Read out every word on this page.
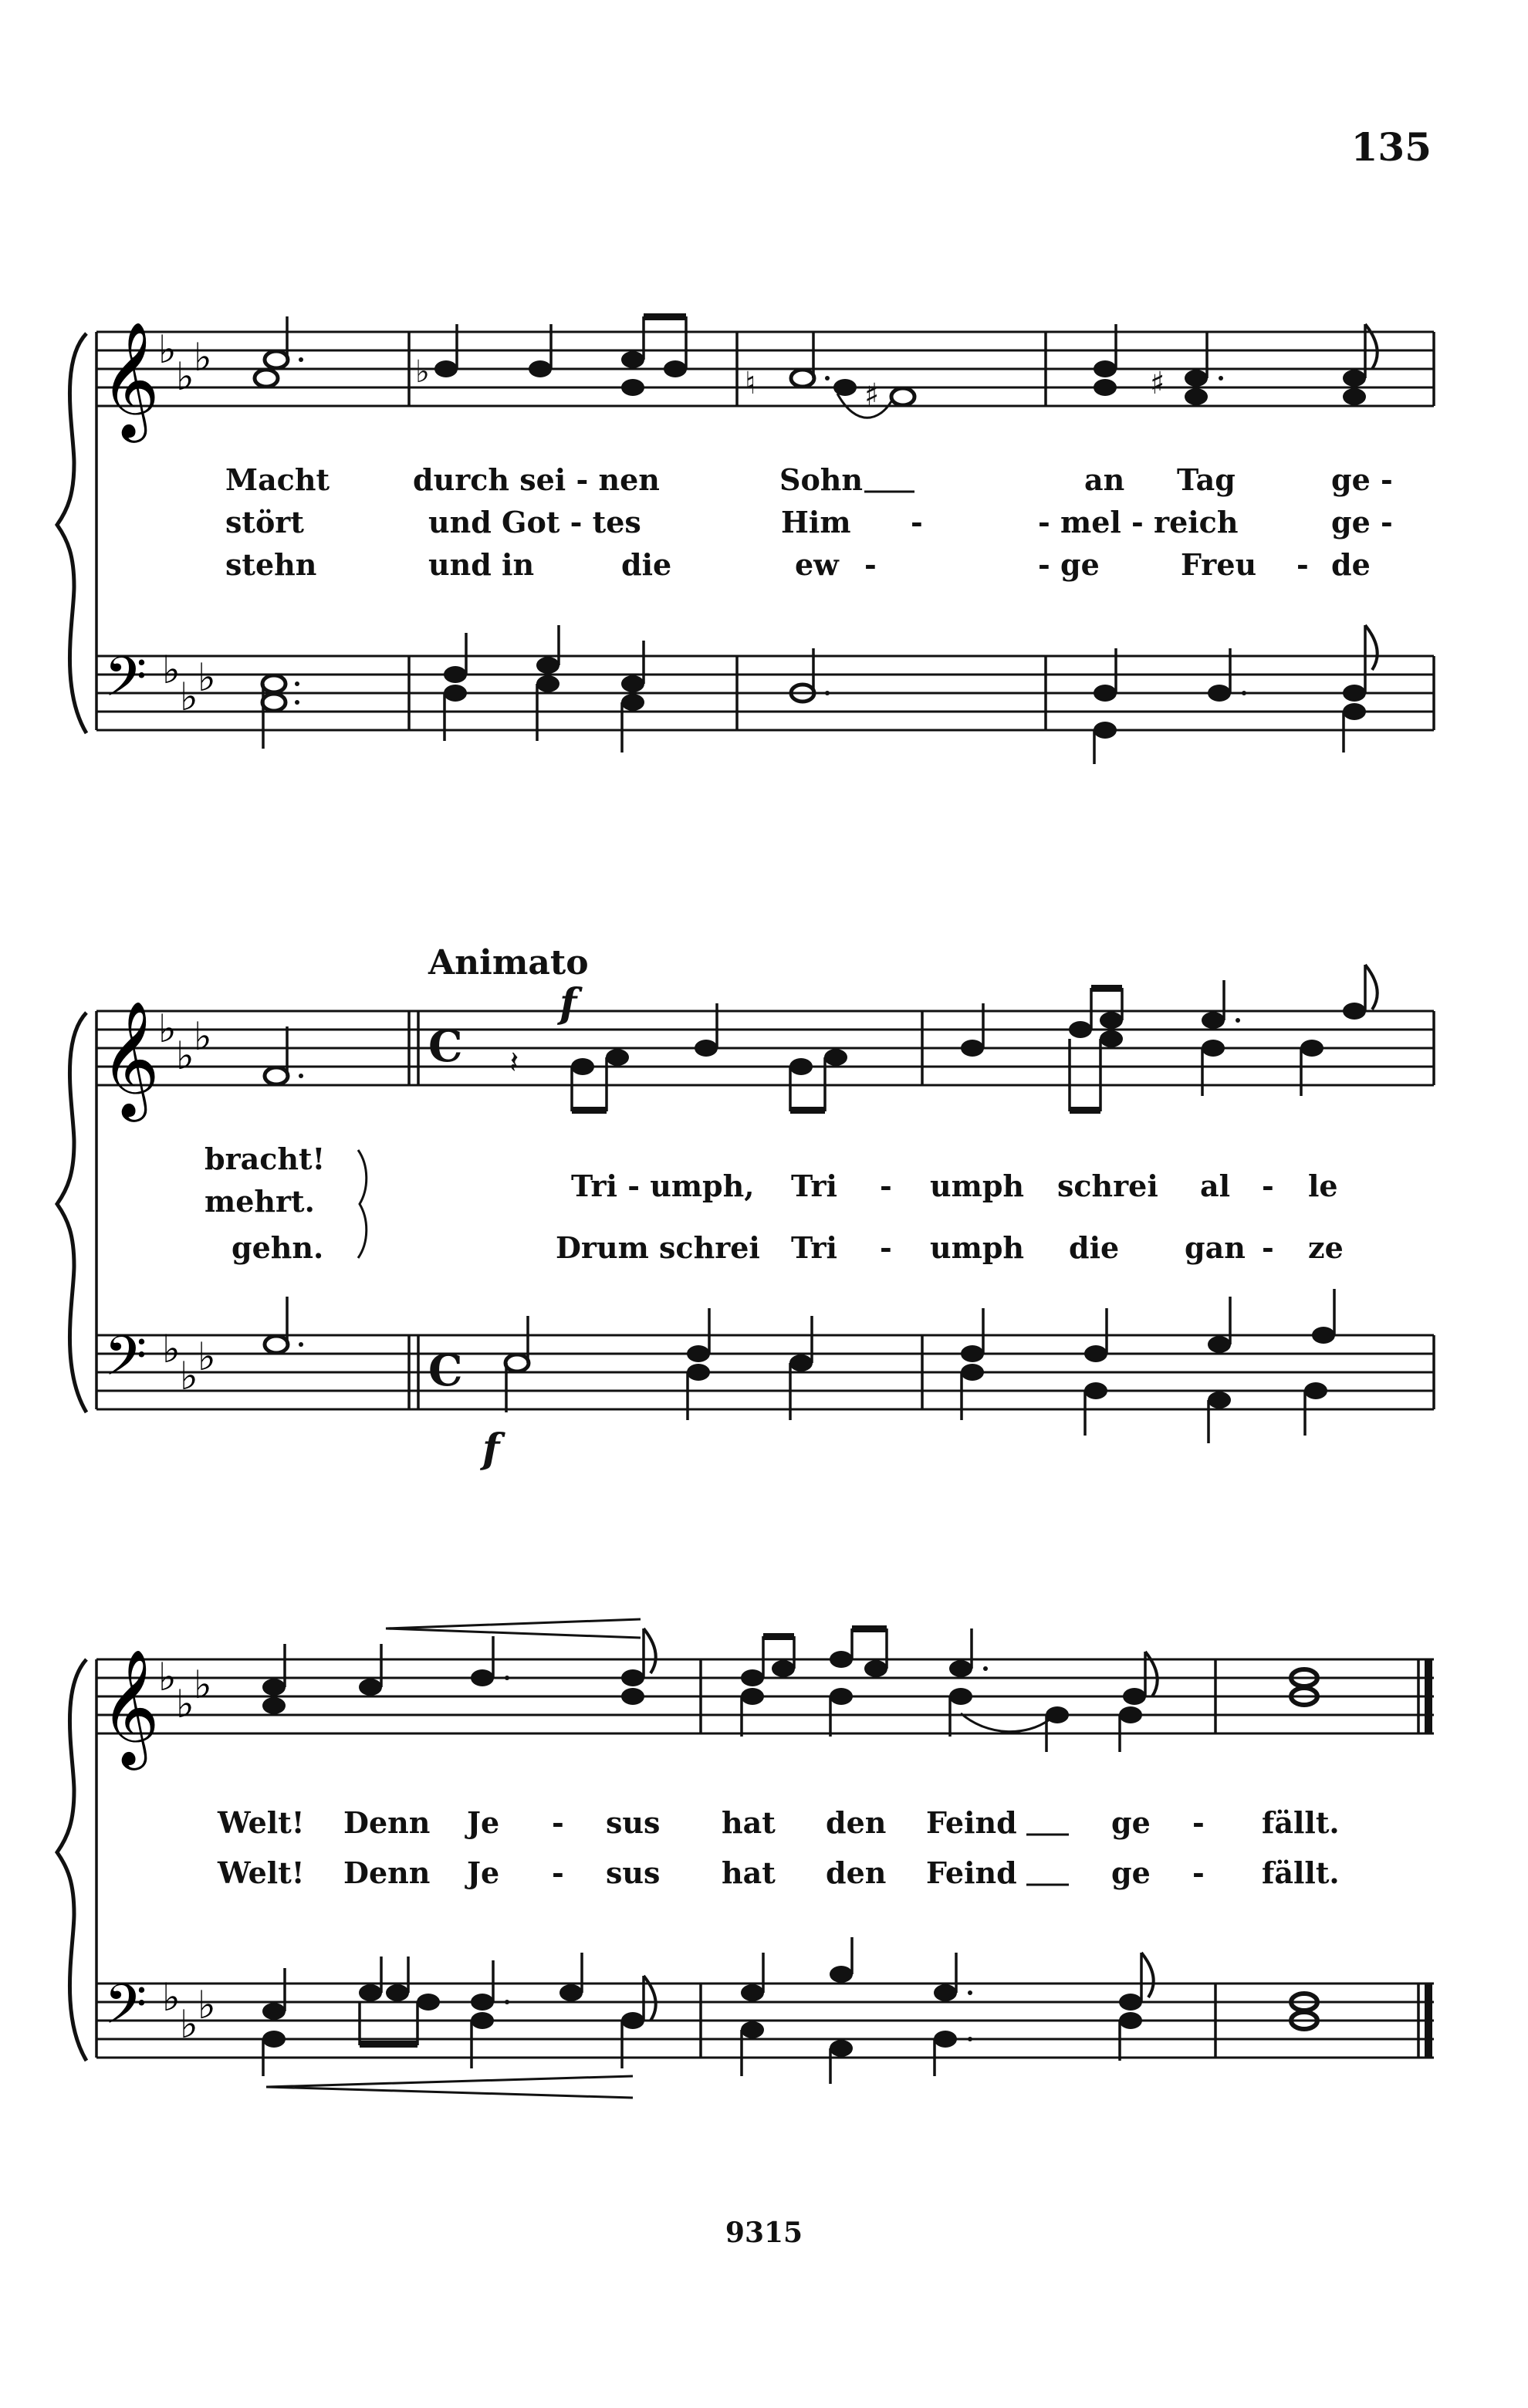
135
𝄞
♭
♭ ♭
𝄢 ♭
♭ ♭
♭	♮	♯	♯
Macht	durch sei - nen	Sohn	an Tag	ge -
stört	und Got - tes	Him -	- mel - reich	ge -
stehn	und in	die	ew -	- ge	Freu - de
Animato
f
𝄞
♭
♭ ♭
𝄢 ♭
♭ ♭
C
C
𝄽
f
bracht!
Tri - umph, Tri - umph schrei al - le
mehrt.
Drum schrei Tri - umph die gan - ze
gehn.
𝄞
♭
♭ ♭
𝄢 ♭
♭ ♭
Welt! Denn Je - sus hat den Feind	ge - fällt.
Welt! Denn Je - sus hat den Feind	ge - fällt.
9315
